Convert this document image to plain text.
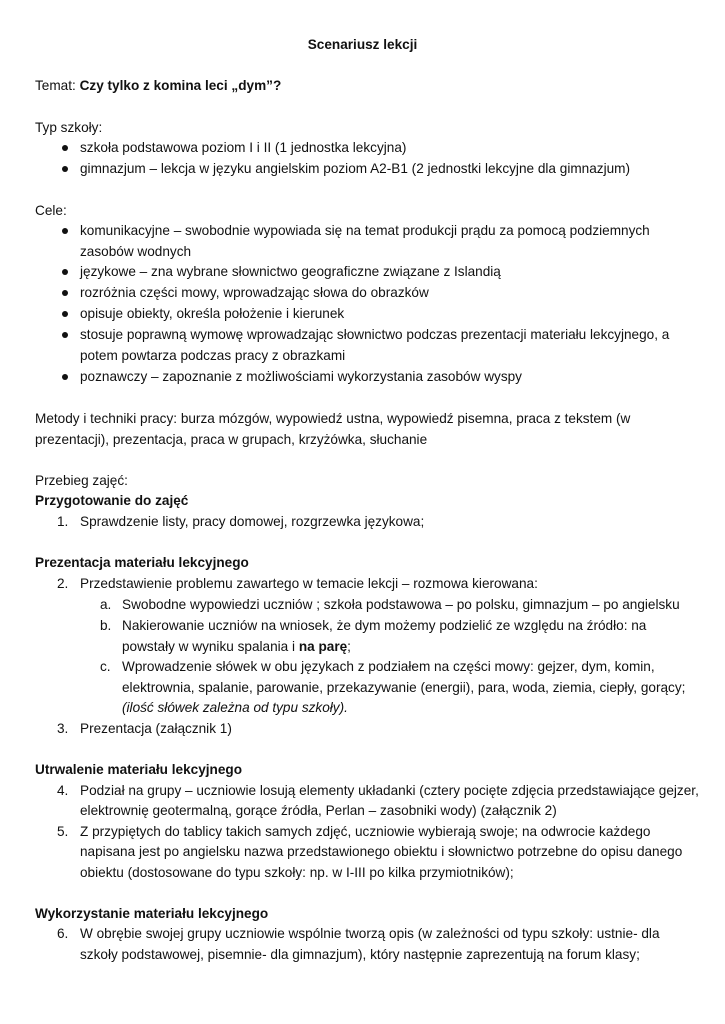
Scenariusz lekcji
Temat: Czy tylko z komina leci „dym”?
Typ szkoły:
szkoła podstawowa poziom I i II (1 jednostka lekcyjna)
gimnazjum – lekcja w języku angielskim poziom A2-B1 (2 jednostki lekcyjne dla gimnazjum)
Cele:
komunikacyjne – swobodnie wypowiada się na temat produkcji prądu za pomocą podziemnych
zasobów wodnych
językowe – zna wybrane słownictwo geograficzne związane z Islandią
rozróżnia części mowy, wprowadzając słowa do obrazków
opisuje obiekty, określa położenie i kierunek
stosuje poprawną wymowę wprowadzając słownictwo podczas prezentacji materiału lekcyjnego, a
potem powtarza podczas pracy z obrazkami
poznawczy – zapoznanie z możliwościami wykorzystania zasobów wyspy
Metody i techniki pracy: burza mózgów, wypowiedź ustna, wypowiedź pisemna, praca z tekstem (w
prezentacji), prezentacja, praca w grupach, krzyżówka, słuchanie
Przebieg zajęć:
Przygotowanie do zajęć
1. Sprawdzenie listy, pracy domowej, rozgrzewka językowa;
Prezentacja materiału lekcyjnego
2. Przedstawienie problemu zawartego w temacie lekcji – rozmowa kierowana:
a. Swobodne wypowiedzi uczniów ; szkoła podstawowa – po polsku, gimnazjum – po angielsku
b. Nakierowanie uczniów na wniosek, że dym możemy podzielić ze względu na źródło: na
powstały w wyniku spalania i na parę;
c. Wprowadzenie słówek w obu językach z podziałem na części mowy: gejzer, dym, komin,
elektrownia, spalanie, parowanie, przekazywanie (energii), para, woda, ziemia, ciepły, gorący;
(ilość słówek zależna od typu szkoły).
3. Prezentacja (załącznik 1)
Utrwalenie materiału lekcyjnego
4. Podział na grupy – uczniowie losują elementy układanki (cztery pocięte zdjęcia przedstawiające gejzer,
elektrownię geotermalną, gorące źródła, Perlan – zasobniki wody) (załącznik 2)
5. Z przypiętych do tablicy takich samych zdjęć, uczniowie wybierają swoje; na odwrocie każdego
napisana jest po angielsku nazwa przedstawionego obiektu i słownictwo potrzebne do opisu danego
obiektu (dostosowane do typu szkoły: np. w I-III po kilka przymiotników);
Wykorzystanie materiału lekcyjnego
6. W obrębie swojej grupy uczniowie wspólnie tworzą opis (w zależności od typu szkoły: ustnie- dla
szkoły podstawowej, pisemnie- dla gimnazjum), który następnie zaprezentują na forum klasy;
